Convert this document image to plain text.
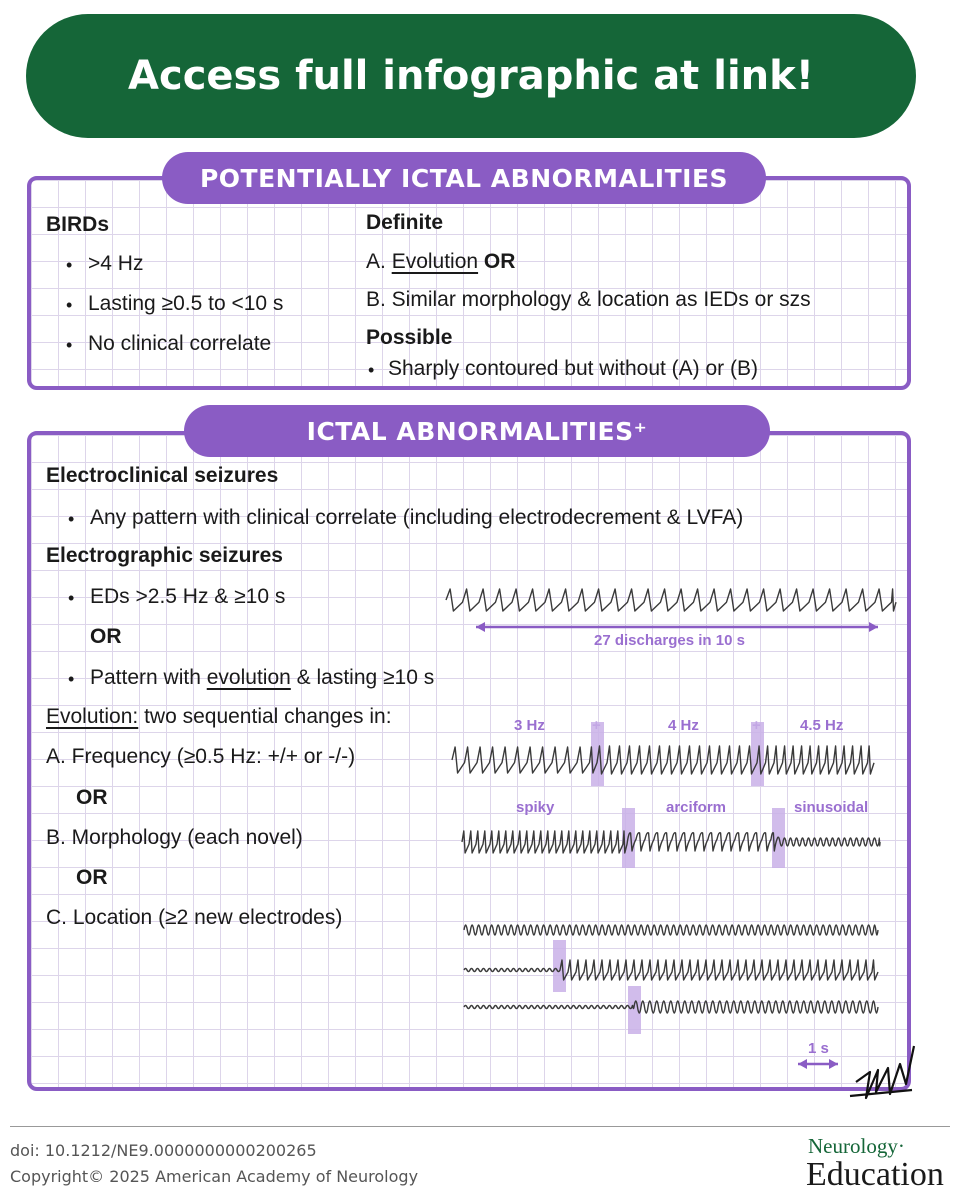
Access full infographic at link!
POTENTIALLY ICTAL ABNORMALITIES
BIRDs
• >4 Hz
• Lasting ≥0.5 to <10 s
• No clinical correlate
Definite
A. Evolution OR
B. Similar morphology & location as IEDs or szs
Possible
• Sharply contoured but without (A) or (B)
ICTAL ABNORMALITIES⁺
Electroclinical seizures
• Any pattern with clinical correlate (including electrodecrement & LVFA)
Electrographic seizures
• EDs >2.5 Hz & ≥10 s
OR
• Pattern with evolution & lasting ≥10 s
Evolution: two sequential changes in:
A. Frequency (≥0.5 Hz: +/+ or -/-)
OR
B. Morphology (each novel)
OR
C. Location (≥2 new electrodes)
27 discharges in 10 s
3 Hz	4 Hz	4.5 Hz
spiky	arciform	sinusoidal
1 s
doi: 10.1212/NE9.0000000000200265
Copyright© 2025 American Academy of Neurology
Neurology·
Education
